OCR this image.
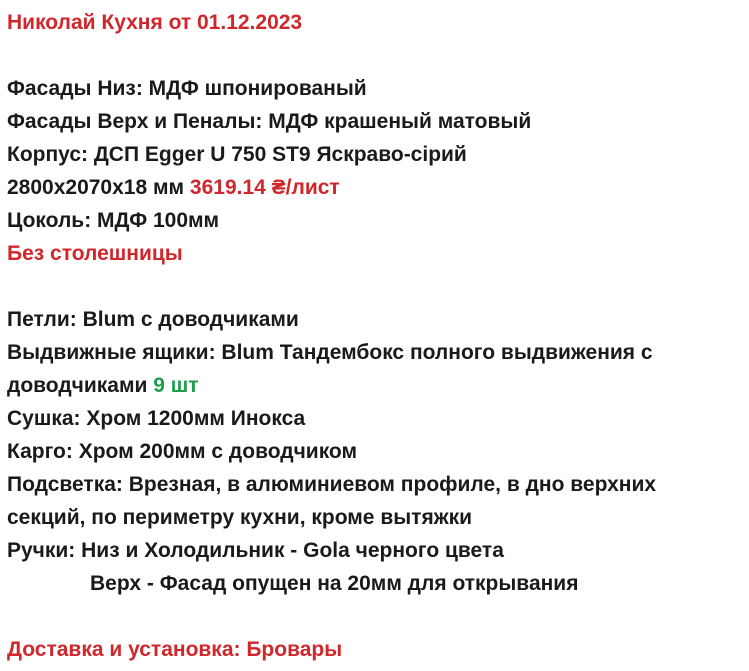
Николай Кухня от 01.12.2023
Фасады Низ: МДФ шпонированый
Фасады Верх и Пеналы: МДФ крашеный матовый
Корпус: ДСП Egger U 750 ST9 Яскраво-сірий
2800x2070x18 мм 3619.14 ₴/лист
Цоколь: МДФ 100мм
Без столешницы
Петли: Blum с доводчиками
Выдвижные ящики: Blum Тандембокс полного выдвижения с
доводчиками 9 шт
Сушка: Хром 1200мм Инокса
Карго: Хром 200мм с доводчиком
Подсветка: Врезная, в алюминиевом профиле, в дно верхних
секций, по периметру кухни, кроме вытяжки
Ручки: Низ и Холодильник - Gola черного цвета
Верх - Фасад опущен на 20мм для открывания
Доставка и установка: Бровары
